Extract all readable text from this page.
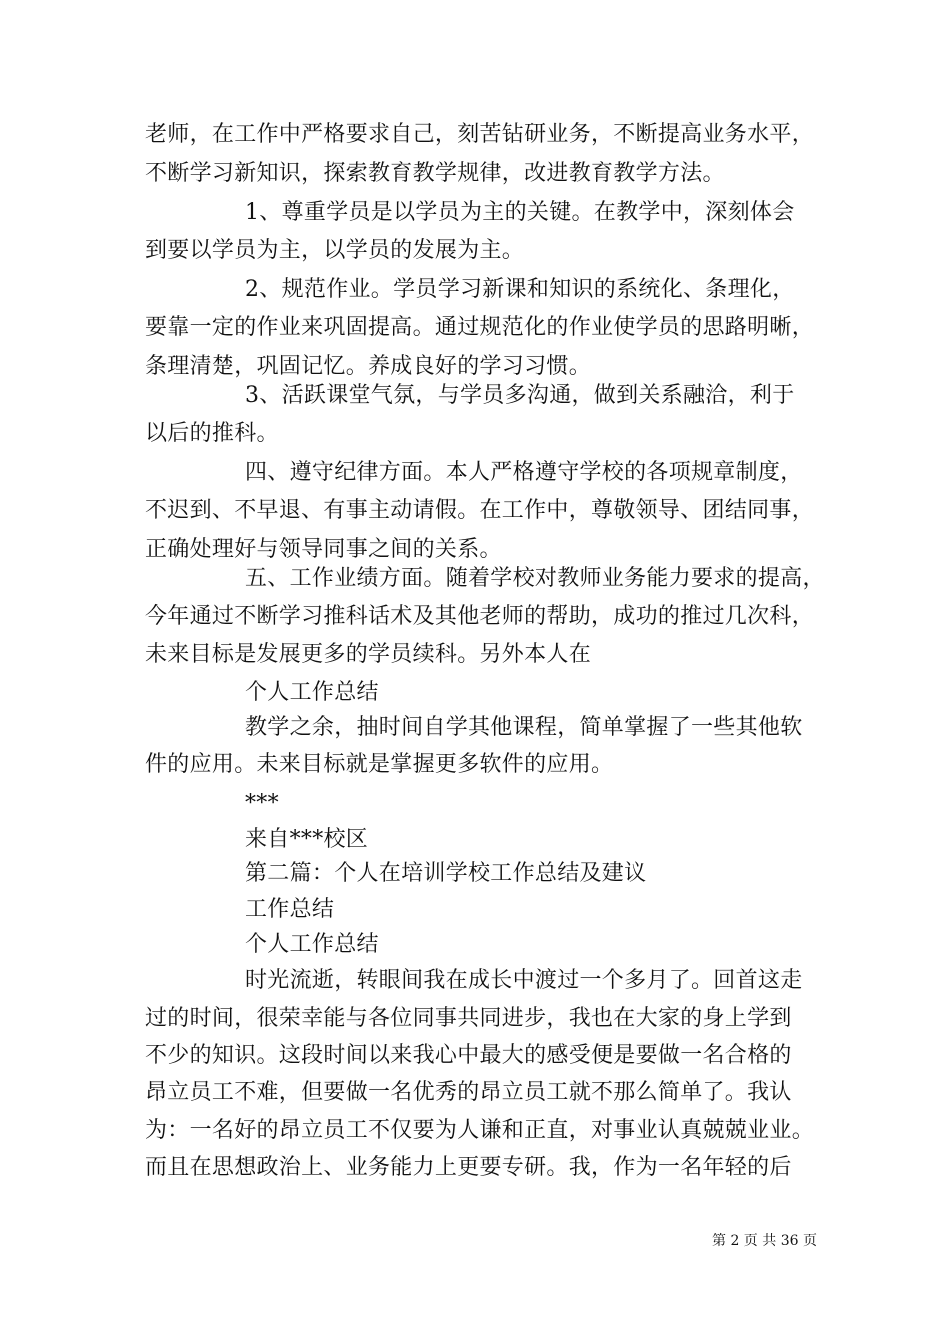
老师，在工作中严格要求自己，刻苦钻研业务，不断提高业务水平，
不断学习新知识，探索教育教学规律，改进教育教学方法。
1、尊重学员是以学员为主的关键。在教学中，深刻体会
到要以学员为主，以学员的发展为主。
2、规范作业。学员学习新课和知识的系统化、条理化，
要靠一定的作业来巩固提高。通过规范化的作业使学员的思路明晰，
条理清楚，巩固记忆。养成良好的学习习惯。
3、活跃课堂气氛，与学员多沟通，做到关系融洽，利于
以后的推科。
四、遵守纪律方面。本人严格遵守学校的各项规章制度，
不迟到、不早退、有事主动请假。在工作中，尊敬领导、团结同事，
正确处理好与领导同事之间的关系。
五、工作业绩方面。随着学校对教师业务能力要求的提高，
今年通过不断学习推科话术及其他老师的帮助，成功的推过几次科，
未来目标是发展更多的学员续科。另外本人在
个人工作总结
教学之余，抽时间自学其他课程，简单掌握了一些其他软
件的应用。未来目标就是掌握更多软件的应用。
***
来自***校区
第二篇：个人在培训学校工作总结及建议
工作总结
个人工作总结
时光流逝，转眼间我在成长中渡过一个多月了。回首这走
过的时间，很荣幸能与各位同事共同进步，我也在大家的身上学到
不少的知识。这段时间以来我心中最大的感受便是要做一名合格的
昂立员工不难，但要做一名优秀的昂立员工就不那么简单了。我认
为：一名好的昂立员工不仅要为人谦和正直，对事业认真兢兢业业。
而且在思想政治上、业务能力上更要专研。我，作为一名年轻的后
第 2 页 共 36 页
